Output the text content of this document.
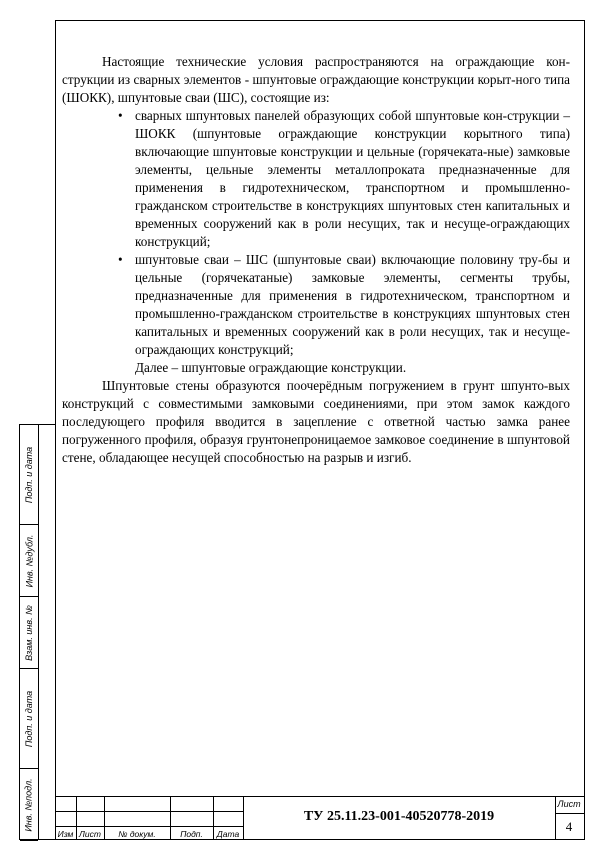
Настоящие технические условия распространяются на ограждающие кон-струкции из сварных элементов - шпунтовые ограждающие конструкции корыт-ного типа (ШОКК), шпунтовые сваи (ШС), состоящие из:

• сварных шпунтовых панелей образующих собой шпунтовые кон-струкции – ШОКК (шпунтовые ограждающие конструкции корытного типа) включающие шпунтовые конструкции и цельные (горячеката-ные) замковые элементы, цельные элементы металлопроката предназначенные для применения в гидротехническом, транспортном и промышленно-гражданском строительстве в конструкциях шпунтовых стен капитальных и временных сооружений как в роли несущих, так и несуще-ограждающих конструкций;
• шпунтовые сваи – ШС (шпунтовые сваи) включающие половину тру-бы и цельные (горячекатаные) замковые элементы, сегменты трубы, предназначенные для применения в гидротехническом, транспортном и промышленно-гражданском строительстве в конструкциях шпунтовых стен капитальных и временных сооружений как в роли несущих, так и несуще-ограждающих конструкций;

Далее – шпунтовые ограждающие конструкции.

Шпунтовые стены образуются поочерёдным погружением в грунт шпунто-вых конструкций с совместимыми замковыми соединениями, при этом замок каждого последующего профиля вводится в зацепление с ответной частью замка ранее погруженного профиля, образуя грунтонепроницаемое замковое соединение в шпунтовой стене, обладающее несущей способностью на разрыв и изгиб.

Подп. и дата
Инв. №дубл.
Взам. инв. №
Подп. и дата
Инв. №подл.
Изм Лист	№ докум.	Подп.	Дата
ТУ 25.11.23-001-40520778-2019
Лист
4
